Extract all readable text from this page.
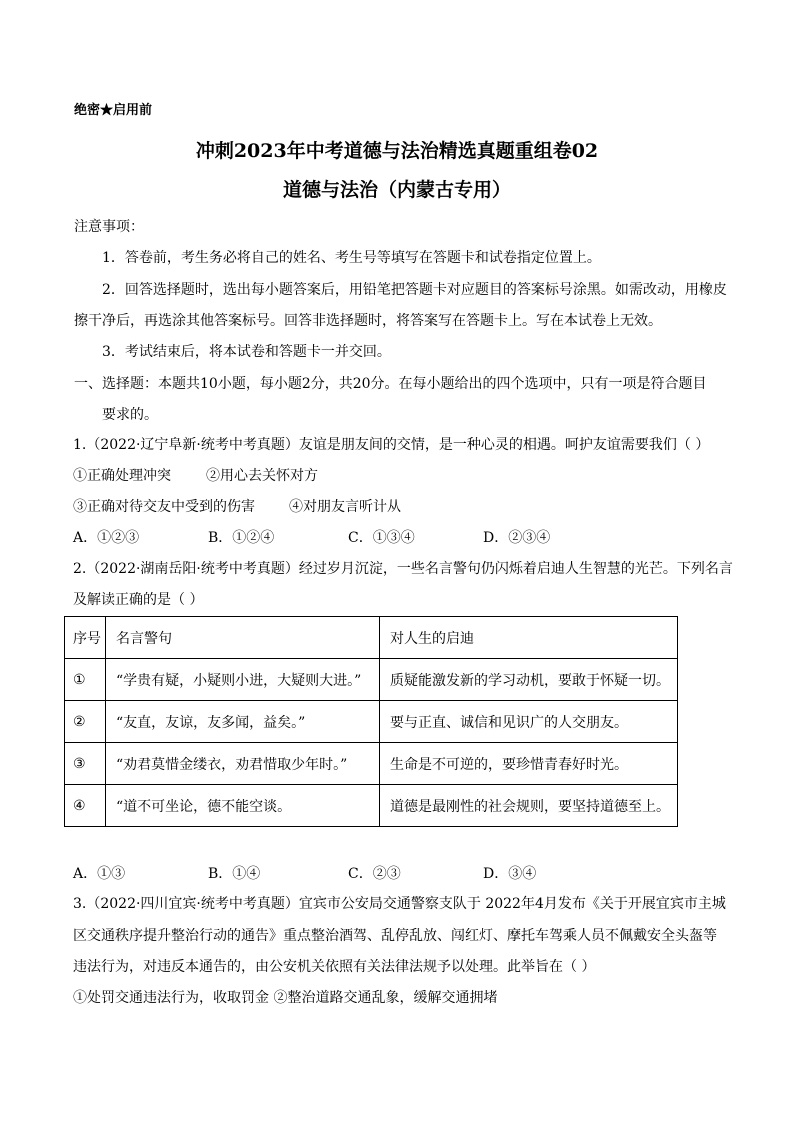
绝密★启用前
冲刺2023年中考道德与法治精选真题重组卷02
道德与法治（内蒙古专用）
注意事项：
1．答卷前，考生务必将自己的姓名、考生号等填写在答题卡和试卷指定位置上。
2．回答选择题时，选出每小题答案后，用铅笔把答题卡对应题目的答案标号涂黑。如需改动，用橡皮
擦干净后，再选涂其他答案标号。回答非选择题时，将答案写在答题卡上。写在本试卷上无效。
3．考试结束后，将本试卷和答题卡一并交回。
一、选择题：本题共10小题，每小题2分，共20分。在每小题给出的四个选项中，只有一项是符合题目
要求的。
1.（2022·辽宁阜新·统考中考真题）友谊是朋友间的交情，是一种心灵的相遇。呵护友谊需要我们（ ）
①正确处理冲突	②用心去关怀对方
③正确对待交友中受到的伤害 ④对朋友言听计从
A．①②③	B．①②④	C．①③④	D．②③④
2.（2022·湖南岳阳·统考中考真题）经过岁月沉淀，一些名言警句仍闪烁着启迪人生智慧的光芒。下列名言
及解读正确的是（ ）
序号	名言警句	对人生的启迪
①	“学贵有疑，小疑则小进，大疑则大进。”	质疑能激发新的学习动机，要敢于怀疑一切。
②	“友直，友谅，友多闻，益矣。”	要与正直、诚信和见识广的人交朋友。
③	“劝君莫惜金缕衣，劝君惜取少年时。”	生命是不可逆的，要珍惜青春好时光。
④	“道不可坐论，德不能空谈。	道德是最刚性的社会规则，要坚持道德至上。
A．①③	B．①④	C．②③	D．③④
3.（2022·四川宜宾·统考中考真题）宜宾市公安局交通警察支队于 2022年4月发布《关于开展宜宾市主城
区交通秩序提升整治行动的通告》重点整治酒驾、乱停乱放、闯红灯、摩托车驾乘人员不佩戴安全头盔等
违法行为，对违反本通告的，由公安机关依照有关法律法规予以处理。此举旨在（ ）
①处罚交通违法行为，收取罚金 ②整治道路交通乱象，缓解交通拥堵
